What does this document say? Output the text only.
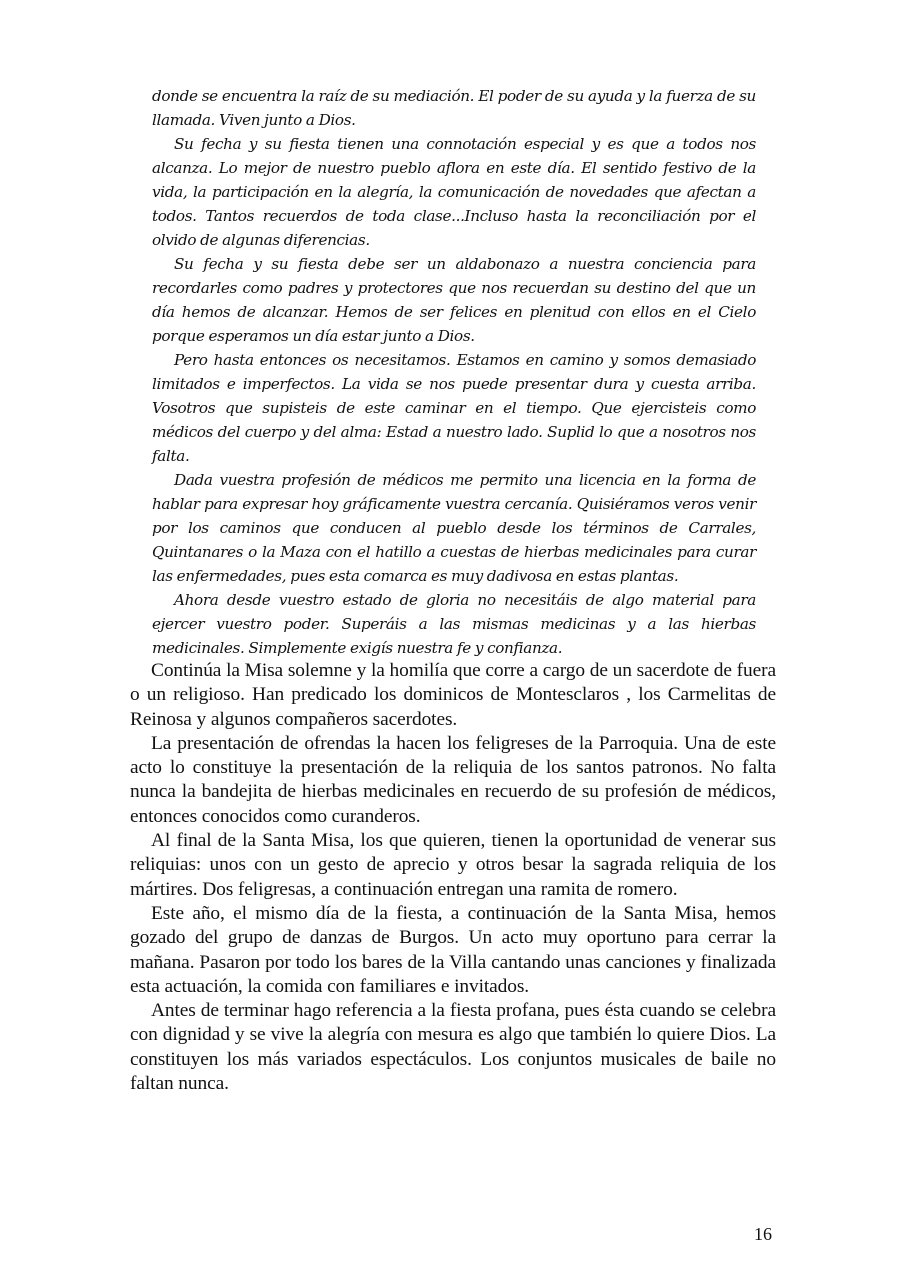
donde se encuentra la raíz de su mediación. El poder de su ayuda y la fuerza de su llamada. Viven junto a Dios.

Su fecha y su fiesta tienen una connotación especial y es que a todos nos alcanza. Lo mejor de nuestro pueblo aflora en este día. El sentido festivo de la vida, la participación en la alegría, la comunicación de novedades que afectan a todos. Tantos recuerdos de toda clase...Incluso hasta la reconciliación por el olvido de algunas diferencias.

Su fecha y su fiesta debe ser un aldabonazo a nuestra conciencia para recordarles como padres y protectores que nos recuerdan su destino del que un día hemos de alcanzar. Hemos de ser felices en plenitud con ellos en el Cielo porque esperamos un día estar junto a Dios.

Pero hasta entonces os necesitamos. Estamos en camino y somos demasiado limitados e imperfectos. La vida se nos puede presentar dura y cuesta arriba. Vosotros que supisteis de este caminar en el tiempo. Que ejercisteis como médicos del cuerpo y del alma: Estad a nuestro lado. Suplid lo que a nosotros nos falta.

Dada vuestra profesión de médicos me permito una licencia en la forma de hablar para expresar hoy gráficamente vuestra cercanía. Quisiéramos veros venir por los caminos que conducen al pueblo desde los términos de Carrales, Quintanares o la Maza con el hatillo a cuestas de hierbas medicinales para curar las enfermedades, pues esta comarca es muy dadivosa en estas plantas.

Ahora desde vuestro estado de gloria no necesitáis de algo material para ejercer vuestro poder. Superáis a las mismas medicinas y a las hierbas medicinales. Simplemente exigís nuestra fe y confianza.

Continúa la Misa solemne y la homilía que corre a cargo de un sacerdote de fuera o un religioso. Han predicado los dominicos de Montesclaros , los Carmelitas de Reinosa y algunos compañeros sacerdotes.

La presentación de ofrendas la hacen los feligreses de la Parroquia. Una de este acto lo constituye la presentación de la reliquia de los santos patronos. No falta nunca la bandejita de hierbas medicinales en recuerdo de su profesión de médicos, entonces conocidos como curanderos.

Al final de la Santa Misa, los que quieren, tienen la oportunidad de venerar sus reliquias: unos con un gesto de aprecio y otros besar la sagrada reliquia de los mártires. Dos feligresas, a continuación entregan una ramita de romero.

Este año, el mismo día de la fiesta, a continuación de la Santa Misa, hemos gozado del grupo de danzas de Burgos. Un acto muy oportuno para cerrar la mañana. Pasaron por todo los bares de la Villa cantando unas canciones y finalizada esta actuación, la comida con familiares e invitados.

Antes de terminar hago referencia a la fiesta profana, pues ésta cuando se celebra con dignidad y se vive la alegría con mesura es algo que también lo quiere Dios. La constituyen los más variados espectáculos. Los conjuntos musicales de baile no faltan nunca.

16
